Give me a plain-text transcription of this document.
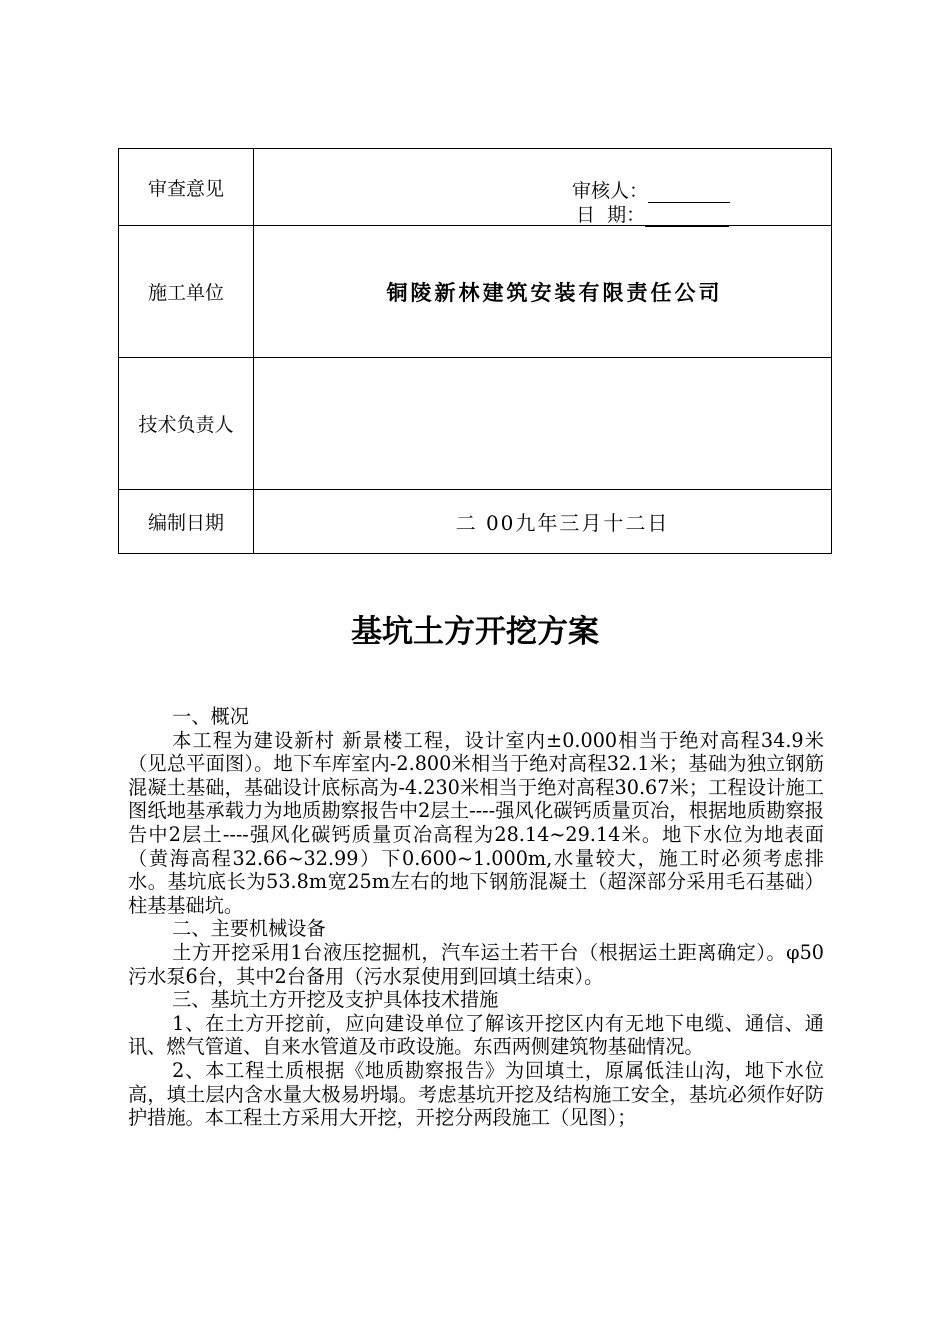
审查意见	审核人：
日  期：

施工单位	铜陵新林建筑安装有限责任公司
技术负责人	
编制日期	二 00九年三月十二日
基坑土方开挖方案

一、概况

本工程为建设新村 新景楼工程，设计室内±0.000相当于绝对高程34.9米（见总平面图）。地下车库室内-2.800米相当于绝对高程32.1米；基础为独立钢筋混凝土基础，基础设计底标高为-4.230米相当于绝对高程30.67米；工程设计施工图纸地基承载力为地质勘察报告中2层土----强风化碳钙质量页冶，根据地质勘察报告中2层土----强风化碳钙质量页冶高程为28.14~29.14米。地下水位为地表面（黄海高程32.66~32.99）下0.600~1.000m,水量较大，施工时必须考虑排水。基坑底长为53.8m宽25m左右的地下钢筋混凝土（超深部分采用毛石基础）柱基基础坑。

二、主要机械设备

土方开挖采用1台液压挖掘机，汽车运土若干台（根据运土距离确定）。φ50污水泵6台，其中2台备用（污水泵使用到回填土结束）。

三、基坑土方开挖及支护具体技术措施

1、在土方开挖前，应向建设单位了解该开挖区内有无地下电缆、通信、通讯、燃气管道、自来水管道及市政设施。东西两侧建筑物基础情况。

2、本工程土质根据《地质勘察报告》为回填土，原属低洼山沟，地下水位高，填土层内含水量大极易坍塌。考虑基坑开挖及结构施工安全，基坑必须作好防护措施。本工程土方采用大开挖，开挖分两段施工（见图）；
